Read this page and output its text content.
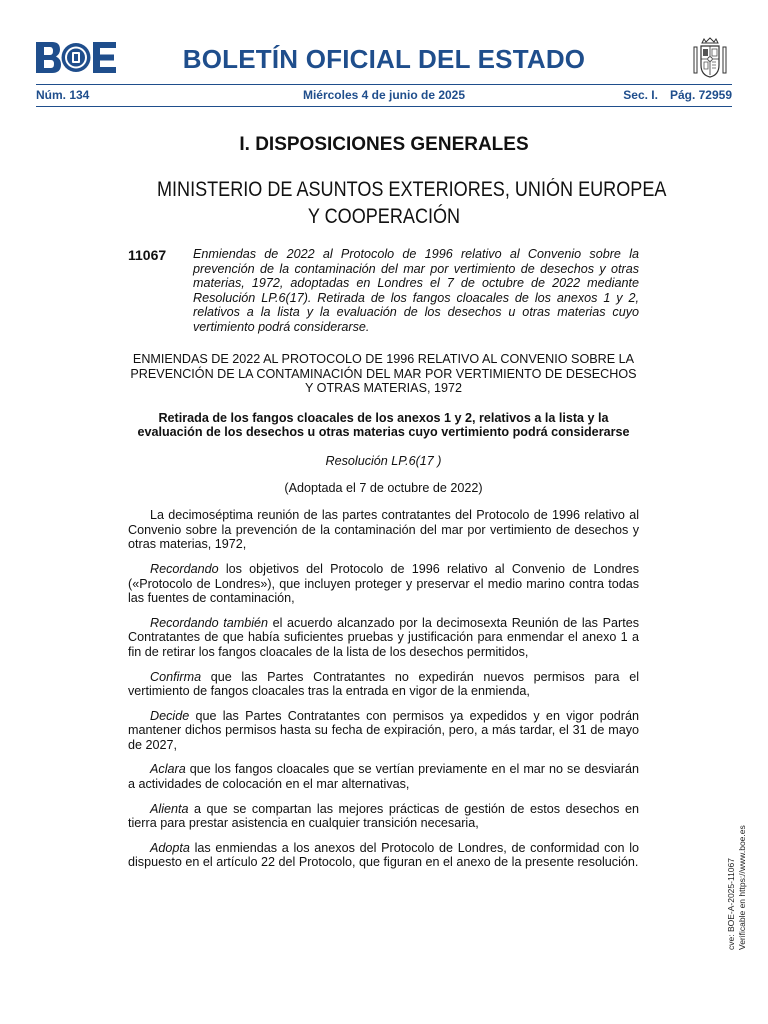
BOLETÍN OFICIAL DEL ESTADO
Núm. 134	Miércoles 4 de junio de 2025	Sec. I. Pág. 72959
I. DISPOSICIONES GENERALES
MINISTERIO DE ASUNTOS EXTERIORES, UNIÓN EUROPEA
Y COOPERACIÓN
11067 Enmiendas de 2022 al Protocolo de 1996 relativo al Convenio sobre la prevención de la contaminación del mar por vertimiento de desechos y otras materias, 1972, adoptadas en Londres el 7 de octubre de 2022 mediante Resolución LP.6(17). Retirada de los fangos cloacales de los anexos 1 y 2, relativos a la lista y la evaluación de los desechos u otras materias cuyo vertimiento podrá considerarse.

ENMIENDAS DE 2022 AL PROTOCOLO DE 1996 RELATIVO AL CONVENIO SOBRE LA PREVENCIÓN DE LA CONTAMINACIÓN DEL MAR POR VERTIMIENTO DE DESECHOS Y OTRAS MATERIAS, 1972

Retirada de los fangos cloacales de los anexos 1 y 2, relativos a la lista y la evaluación de los desechos u otras materias cuyo vertimiento podrá considerarse

Resolución LP.6(17 )

(Adoptada el 7 de octubre de 2022)

La decimoséptima reunión de las partes contratantes del Protocolo de 1996 relativo al Convenio sobre la prevención de la contaminación del mar por vertimiento de desechos y otras materias, 1972,

Recordando los objetivos del Protocolo de 1996 relativo al Convenio de Londres («Protocolo de Londres»), que incluyen proteger y preservar el medio marino contra todas las fuentes de contaminación,

Recordando también el acuerdo alcanzado por la decimosexta Reunión de las Partes Contratantes de que había suficientes pruebas y justificación para enmendar el anexo 1 a fin de retirar los fangos cloacales de la lista de los desechos permitidos,

Confirma que las Partes Contratantes no expedirán nuevos permisos para el vertimiento de fangos cloacales tras la entrada en vigor de la enmienda,

Decide que las Partes Contratantes con permisos ya expedidos y en vigor podrán mantener dichos permisos hasta su fecha de expiración, pero, a más tardar, el 31 de mayo de 2027,

Aclara que los fangos cloacales que se vertían previamente en el mar no se desviarán a actividades de colocación en el mar alternativas,

Alienta a que se compartan las mejores prácticas de gestión de estos desechos en tierra para prestar asistencia en cualquier transición necesaria,

Adopta las enmiendas a los anexos del Protocolo de Londres, de conformidad con lo dispuesto en el artículo 22 del Protocolo, que figuran en el anexo de la presente resolución.	cve: BOE-A-2025-11067 Verificable en https://www.boe.es
